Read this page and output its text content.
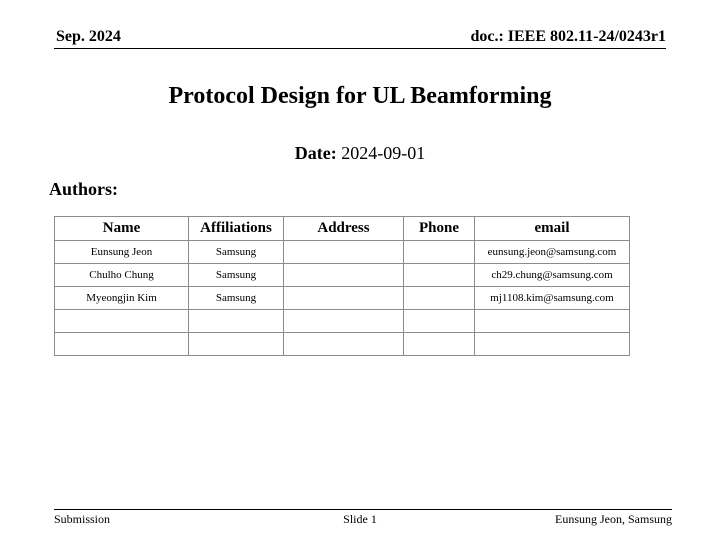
Sep. 2024	doc.: IEEE 802.11-24/0243r1
Protocol Design for UL Beamforming
Date: 2024-09-01
Authors:
Name	Affiliations	Address	Phone	email
Eunsung Jeon	Samsung			eunsung.jeon@samsung.com
Chulho Chung	Samsung			ch29.chung@samsung.com
Myeongjin Kim	Samsung			mj1108.kim@samsung.com

Submission	Slide 1	Eunsung Jeon, Samsung
